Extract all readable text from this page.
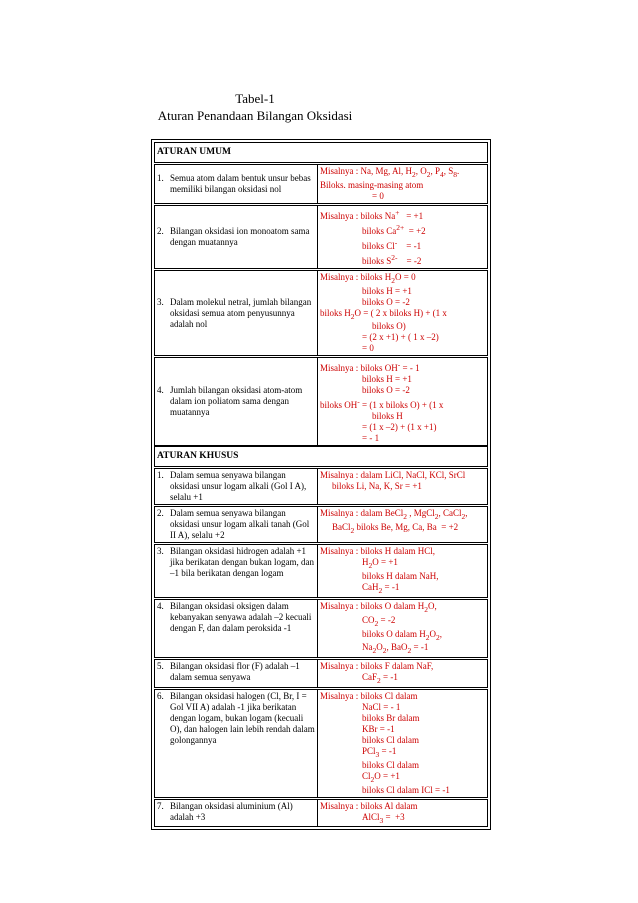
Tabel-1
Aturan Penandaan Bilangan Oksidasi
ATURAN UMUM
1. Semua atom dalam bentuk unsur bebas memiliki bilangan oksidasi nol
Misalnya : Na, Mg, Al, $H_2$, $O_2$, $P_4$, $S_8$.
Biloks. masing-masing atom
= 0
2. Bilangan oksidasi ion monoatom sama dengan muatannya
Misalnya : biloks Na+   = +1
biloks $Ca^{2+} = +2$
biloks Cl-    = -1
biloks $S^{2-}$    = -2
3. Dalam molekul netral, jumlah bilangan oksidasi semua atom penyusunnya adalah nol
Misalnya : biloks $H_2O = 0$
biloks H = +1
biloks O = -2
biloks $H_2O$ = ( 2 x biloks H) + (1 x
biloks O)
= (2 x +1) + ( 1 x –2)
= 0
4. Jumlah bilangan oksidasi atom-atom dalam ion poliatom sama dengan muatannya
Misalnya : biloks OH- = - 1
biloks H = +1
biloks O = -2
biloks OH- = (1 x biloks O) + (1 x
biloks H
= (1 x –2) + (1 x +1)
= - 1
ATURAN KHUSUS
1. Dalam semua senyawa bilangan oksidasi unsur logam alkali (Gol I A), selalu +1
Misalnya : dalam LiCl, NaCl, KCl, SrCl
biloks Li, Na, K, Sr = +1
2. Dalam semua senyawa bilangan oksidasi unsur logam alkali tanah (Gol II A), selalu +2
Misalnya : dalam BeCl$_2$ , MgCl$_2$, CaCl$_2$,
BaCl$_2$ biloks Be, Mg, Ca, Ba  = +2
3. Bilangan oksidasi hidrogen adalah +1 jika berikatan dengan bukan logam, dan –1 bila berikatan dengan logam
Misalnya : biloks H dalam HCl,
$H_2O = +1$
biloks H dalam NaH,
CaH$_2$ = -1
4. Bilangan oksidasi oksigen dalam kebanyakan senyawa adalah –2 kecuali dengan F, dan dalam peroksida -1
Misalnya : biloks O dalam $H_2O$,
$CO_2 = -2$
biloks O dalam $H_2O_2$,
$Na_2O_2$, BaO$_2$ = -1
5. Bilangan oksidasi flor (F) adalah –1 dalam semua senyawa
Misalnya : biloks F dalam NaF,
CaF$_2$ = -1
6. Bilangan oksidasi halogen (Cl, Br, I = Gol VII A) adalah -1 jika berikatan dengan logam, bukan logam (kecuali O), dan halogen lain lebih rendah dalam golongannya
Misalnya : biloks Cl dalam
NaCl = - 1
biloks Br dalam
KBr = -1
biloks Cl dalam
PCl$_3$ = -1
biloks Cl dalam
$Cl_2O = +1$
biloks Cl dalam ICl = -1
7. Bilangan oksidasi aluminium (Al) adalah +3
Misalnya : biloks Al dalam
AlCl$_3$ =  +3
